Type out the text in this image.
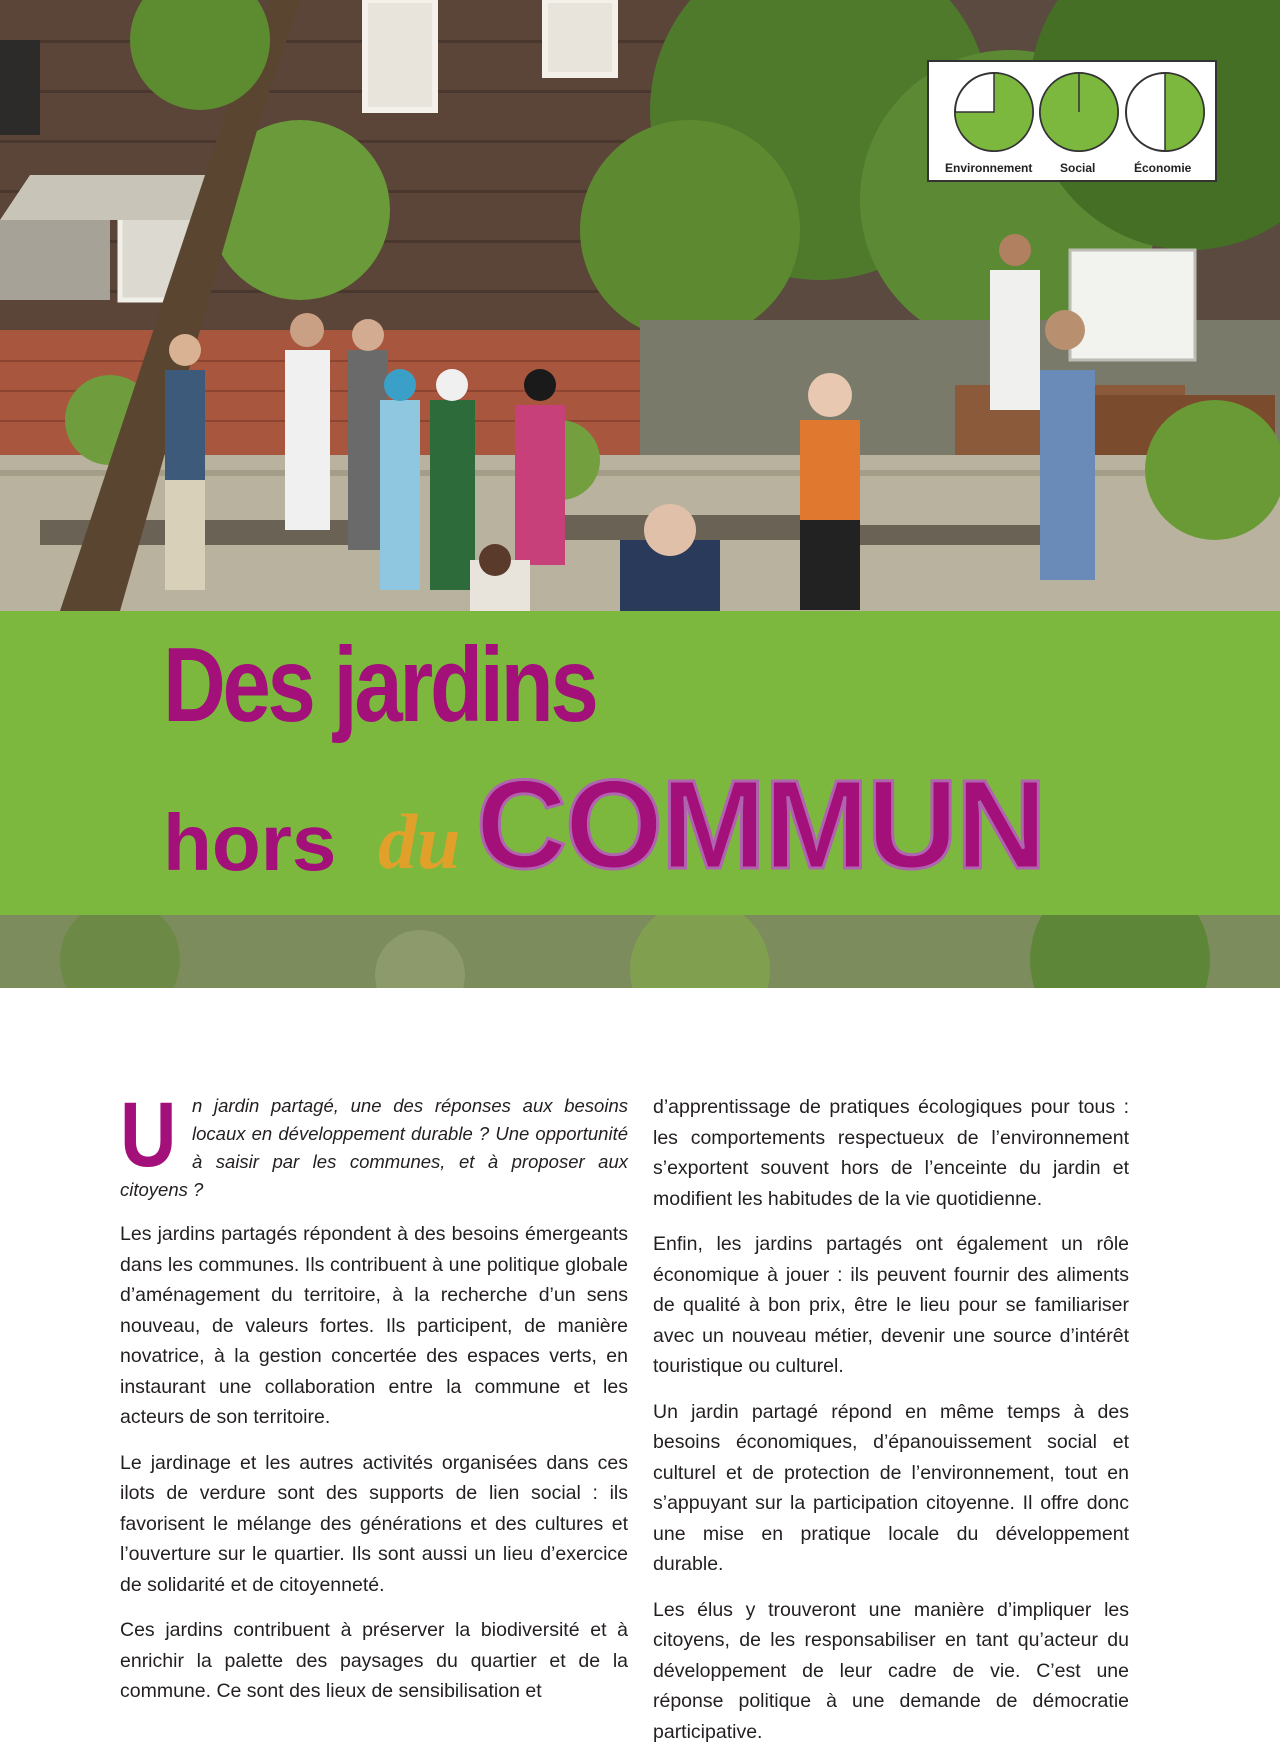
Environnement Social	Économie
Des jardins
hors du COMMUN

Un jardin partagé, une des réponses aux besoins locaux en développement durable ? Une opportunité à saisir par les communes, et à proposer aux citoyens ?

Les jardins partagés répondent à des besoins émergeants dans les communes. Ils contribuent à une politique globale d’aménagement du territoire, à la recherche d’un sens nouveau, de valeurs fortes. Ils participent, de manière novatrice, à la gestion concertée des espaces verts, en instaurant une collaboration entre la commune et les acteurs de son territoire.

Le jardinage et les autres activités organisées dans ces ilots de verdure sont des supports de lien social : ils favorisent le mélange des générations et des cultures et l’ouverture sur le quartier. Ils sont aussi un lieu d’exercice de solidarité et de citoyenneté.

Ces jardins contribuent à préserver la biodiversité et à enrichir la palette des paysages du quartier et de la commune. Ce sont des lieux de sensibilisation et

d’apprentissage de pratiques écologiques pour tous : les comportements respectueux de l’environnement s’exportent souvent hors de l’enceinte du jardin et modifient les habitudes de la vie quotidienne.

Enfin, les jardins partagés ont également un rôle économique à jouer : ils peuvent fournir des aliments de qualité à bon prix, être le lieu pour se familiariser avec un nouveau métier, devenir une source d’intérêt touristique ou culturel.

Un jardin partagé répond en même temps à des besoins économiques, d’épanouissement social et culturel et de protection de l’environnement, tout en s’appuyant sur la participation citoyenne. Il offre donc une mise en pratique locale du développement durable.

Les élus y trouveront une manière d’impliquer les citoyens, de les responsabiliser en tant qu’acteur du développement de leur cadre de vie. C’est une réponse politique à une demande de démocratie participative.
